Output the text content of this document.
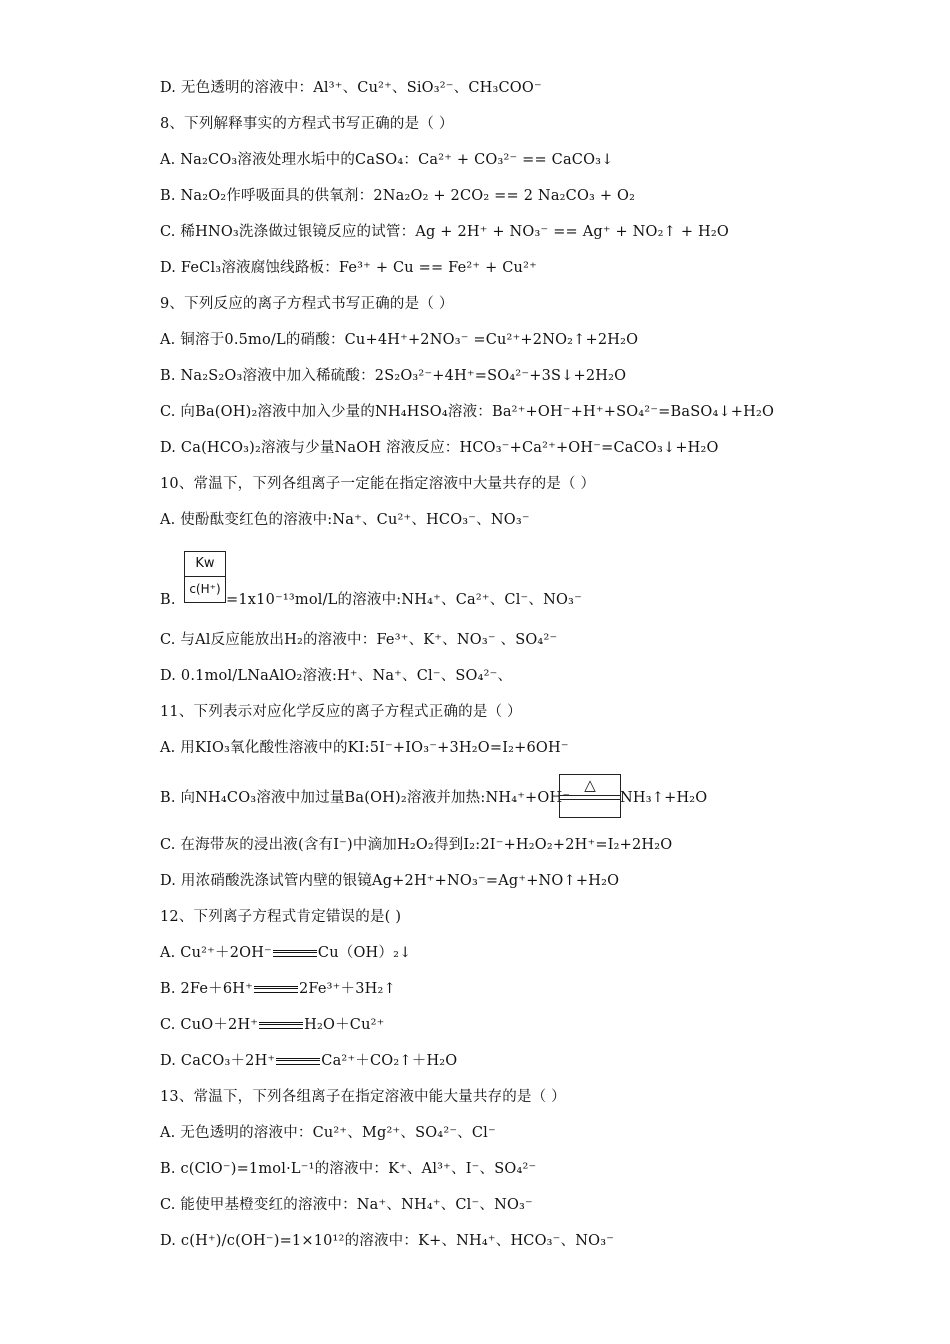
D. 无色透明的溶液中：Al³⁺、Cu²⁺、SiO₃²⁻、CH₃COO⁻
8、下列解释事实的方程式书写正确的是（ ）
A. Na₂CO₃溶液处理水垢中的CaSO₄：Ca²⁺ + CO₃²⁻ == CaCO₃↓
B. Na₂O₂作呼吸面具的供氧剂：2Na₂O₂ + 2CO₂ == 2 Na₂CO₃ + O₂
C. 稀HNO₃洗涤做过银镜反应的试管：Ag + 2H⁺ + NO₃⁻ == Ag⁺ + NO₂↑ + H₂O
D. FeCl₃溶液腐蚀线路板：Fe³⁺ + Cu == Fe²⁺ + Cu²⁺
9、下列反应的离子方程式书写正确的是（ ）
A. 铜溶于0.5mo/L的硝酸：Cu+4H⁺+2NO₃⁻ =Cu²⁺+2NO₂↑+2H₂O
B. Na₂S₂O₃溶液中加入稀硫酸：2S₂O₃²⁻+4H⁺=SO₄²⁻+3S↓+2H₂O
C. 向Ba(OH)₂溶液中加入少量的NH₄HSO₄溶液：Ba²⁺+OH⁻+H⁺+SO₄²⁻=BaSO₄↓+H₂O
D. Ca(HCO₃)₂溶液与少量NaOH 溶液反应：HCO₃⁻+Ca²⁺+OH⁻=CaCO₃↓+H₂O
10、常温下，下列各组离子一定能在指定溶液中大量共存的是（ ）
A. 使酚酞变红色的溶液中:Na⁺、Cu²⁺、HCO₃⁻、NO₃⁻
B. $\frac{Kw}{c(H^+)} =1x10^{-13}mol/L$的溶液中:NH₄⁺、Ca²⁺、Cl⁻、NO₃⁻
C. 与Al反应能放出H₂的溶液中：Fe³⁺、K⁺、NO₃⁻ 、SO₄²⁻
D. 0.1mol/LNaAlO₂溶液:H⁺、Na⁺、Cl⁻、SO₄²⁻、
11、下列表示对应化学反应的离子方程式正确的是（ ）
A. 用KIO₃氧化酸性溶液中的KI:5I⁻+IO₃⁻+3H₂O=I₂+6OH⁻
B. 向NH₄CO₃溶液中加过量Ba(OH)₂溶液并加热:NH₄⁺+OH⁻
△
NH₃↑+H₂O
C. 在海带灰的浸出液(含有I⁻)中滴加H₂O₂得到I₂:2I⁻+H₂O₂+2H⁺=I₂+2H₂O
D. 用浓硝酸洗涤试管内壁的银镜Ag+2H⁺+NO₃⁻=Ag⁺+NO↑+H₂O
12、下列离子方程式肯定错误的是( )
A. Cu²⁺＋2OH⁻	Cu（OH）₂↓
B. 2Fe＋6H⁺	2Fe³⁺＋3H₂↑
C. CuO＋2H⁺	H₂O＋Cu²⁺
D. CaCO₃＋2H⁺	Ca²⁺＋CO₂↑＋H₂O
13、常温下，下列各组离子在指定溶液中能大量共存的是（ ）
A. 无色透明的溶液中：Cu²⁺、Mg²⁺、SO₄²⁻、Cl⁻
B. c(ClO⁻)=1mol·L⁻¹的溶液中：K⁺、Al³⁺、I⁻、SO₄²⁻
C. 能使甲基橙变红的溶液中：Na⁺、NH₄⁺、Cl⁻、NO₃⁻
D. c(H⁺)/c(OH⁻)=1×10¹²的溶液中：K+、NH₄⁺、HCO₃⁻、NO₃⁻
